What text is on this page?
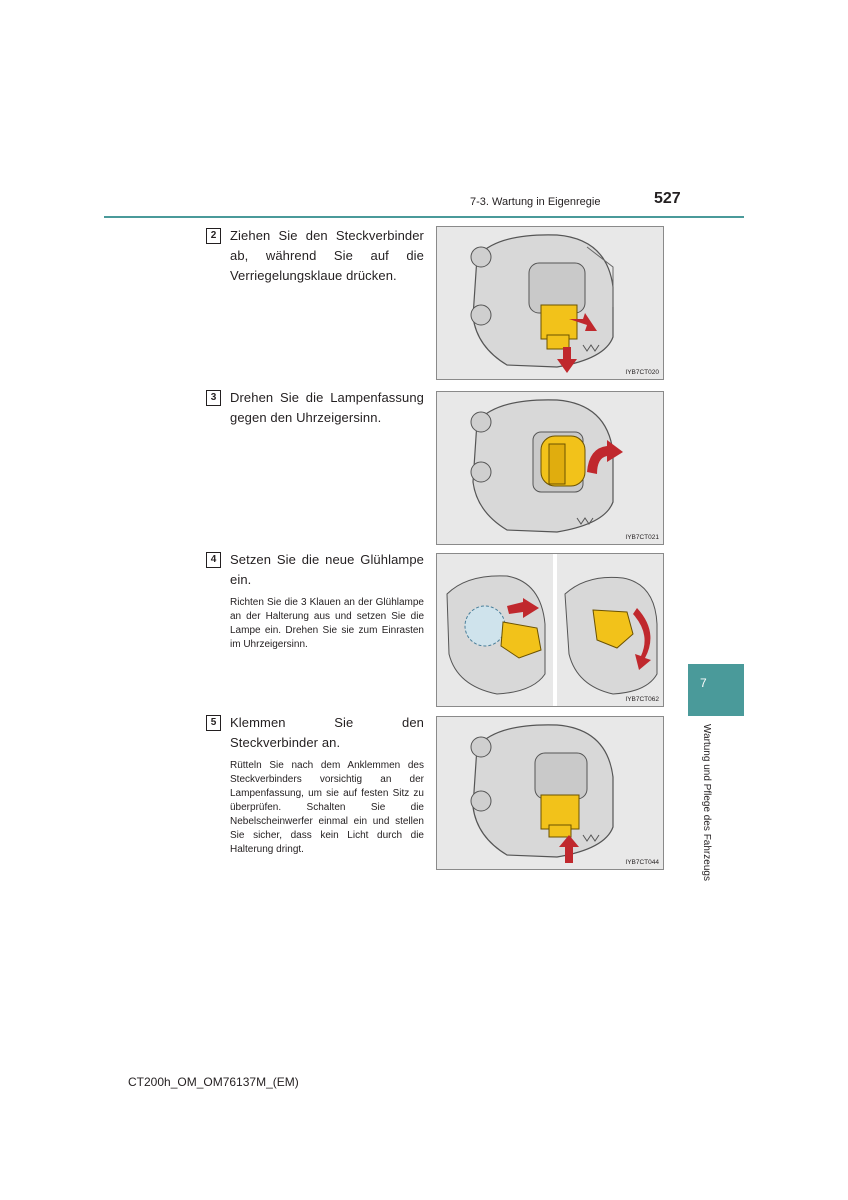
7-3. Wartung in Eigenregie	527
2	Ziehen Sie den Steckverbinder ab, während Sie auf die Verriegelungsklaue drücken.
IYB7CT020
3	Drehen Sie die Lampenfassung gegen den Uhrzeigersinn.
IYB7CT021
4	Setzen Sie die neue Glühlampe ein.
Richten Sie die 3 Klauen an der Glühlampe an der Halterung aus und setzen Sie die Lampe ein. Drehen Sie sie zum Einrasten im Uhrzeigersinn.
IYB7CT062
5	Klemmen Sie den Steckverbinder an.
Rütteln Sie nach dem Anklemmen des Steckverbinders vorsichtig an der Lampenfassung, um sie auf festen Sitz zu überprüfen. Schalten Sie die Nebelscheinwerfer einmal ein und stellen Sie sicher, dass kein Licht durch die Halterung dringt.
IYB7CT044
7
Wartung und Pflege des Fahrzeugs
CT200h_OM_OM76137M_(EM)
